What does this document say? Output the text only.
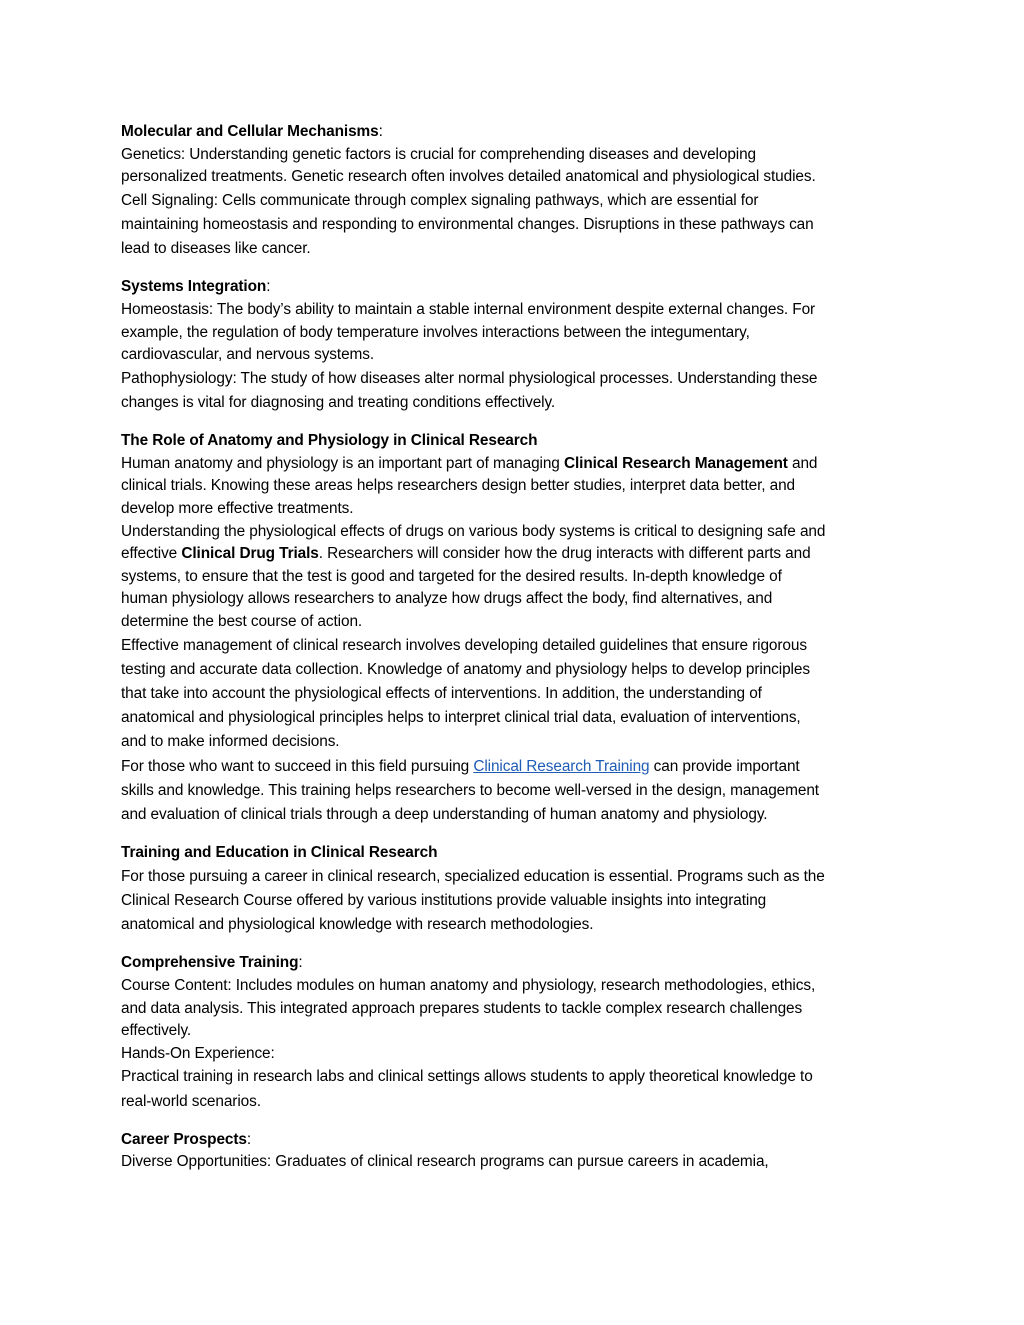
Molecular and Cellular Mechanisms:
Genetics: Understanding genetic factors is crucial for comprehending diseases and developing
personalized treatments. Genetic research often involves detailed anatomical and physiological studies.
Cell Signaling: Cells communicate through complex signaling pathways, which are essential for
maintaining homeostasis and responding to environmental changes. Disruptions in these pathways can
lead to diseases like cancer.
Systems Integration:
Homeostasis: The body’s ability to maintain a stable internal environment despite external changes. For
example, the regulation of body temperature involves interactions between the integumentary,
cardiovascular, and nervous systems.
Pathophysiology: The study of how diseases alter normal physiological processes. Understanding these
changes is vital for diagnosing and treating conditions effectively.
The Role of Anatomy and Physiology in Clinical Research
Human anatomy and physiology is an important part of managing Clinical Research Management and
clinical trials. Knowing these areas helps researchers design better studies, interpret data better, and
develop more effective treatments.
Understanding the physiological effects of drugs on various body systems is critical to designing safe and
effective Clinical Drug Trials. Researchers will consider how the drug interacts with different parts and
systems, to ensure that the test is good and targeted for the desired results. In-depth knowledge of
human physiology allows researchers to analyze how drugs affect the body, find alternatives, and
determine the best course of action.
Effective management of clinical research involves developing detailed guidelines that ensure rigorous
testing and accurate data collection. Knowledge of anatomy and physiology helps to develop principles
that take into account the physiological effects of interventions. In addition, the understanding of
anatomical and physiological principles helps to interpret clinical trial data, evaluation of interventions,
and to make informed decisions.
For those who want to succeed in this field pursuing Clinical Research Training can provide important
skills and knowledge. This training helps researchers to become well-versed in the design, management
and evaluation of clinical trials through a deep understanding of human anatomy and physiology.
Training and Education in Clinical Research
For those pursuing a career in clinical research, specialized education is essential. Programs such as the
Clinical Research Course offered by various institutions provide valuable insights into integrating
anatomical and physiological knowledge with research methodologies.
Comprehensive Training:
Course Content: Includes modules on human anatomy and physiology, research methodologies, ethics,
and data analysis. This integrated approach prepares students to tackle complex research challenges
effectively.
Hands-On Experience:
Practical training in research labs and clinical settings allows students to apply theoretical knowledge to
real-world scenarios.
Career Prospects:
Diverse Opportunities: Graduates of clinical research programs can pursue careers in academia,
